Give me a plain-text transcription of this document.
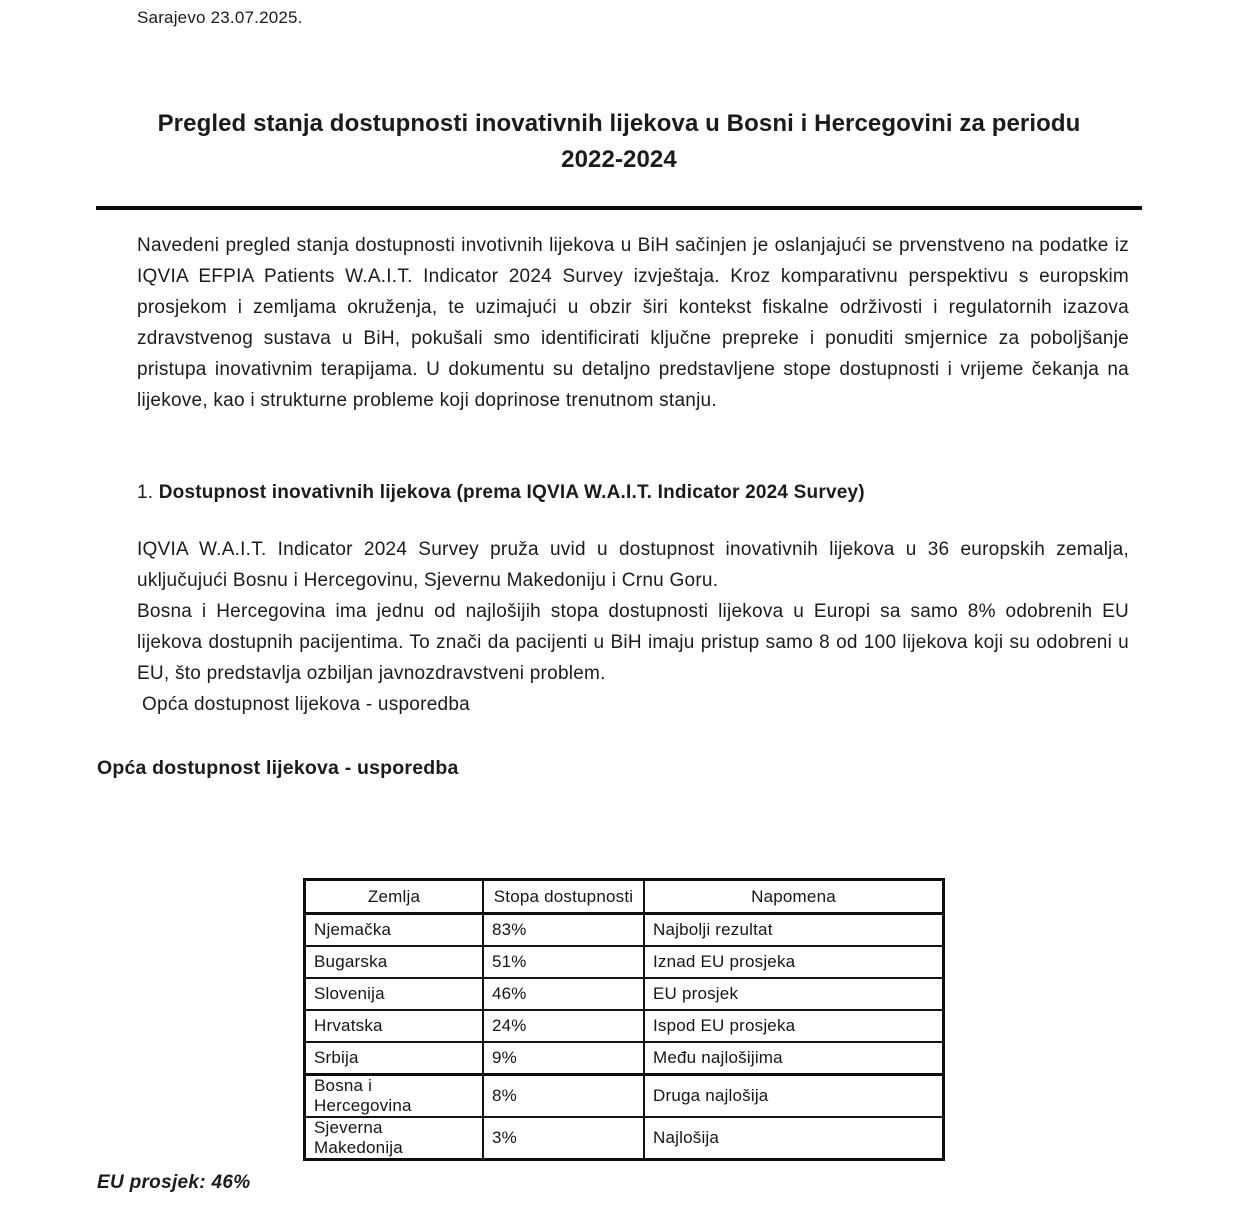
Sarajevo 23.07.2025.
Pregled stanja dostupnosti inovativnih lijekova u Bosni i Hercegovini za periodu
2022-2024

Navedeni pregled stanja dostupnosti invotivnih lijekova u BiH sačinjen je oslanjajući se prvenstveno na podatke iz IQVIA EFPIA Patients W.A.I.T. Indicator 2024 Survey izvještaja. Kroz komparativnu perspektivu s europskim prosjekom i zemljama okruženja, te uzimajući u obzir širi kontekst fiskalne održivosti i regulatornih izazova zdravstvenog sustava u BiH, pokušali smo identificirati ključne prepreke i ponuditi smjernice za poboljšanje pristupa inovativnim terapijama. U dokumentu su detaljno predstavljene stope dostupnosti i vrijeme čekanja na lijekove, kao i strukturne probleme koji doprinose trenutnom stanju.

1. Dostupnost inovativnih lijekova (prema IQVIA W.A.I.T. Indicator 2024 Survey)

IQVIA W.A.I.T. Indicator 2024 Survey pruža uvid u dostupnost inovativnih lijekova u 36 europskih zemalja, uključujući Bosnu i Hercegovinu, Sjevernu Makedoniju i Crnu Goru.

Bosna i Hercegovina ima jednu od najlošijih stopa dostupnosti lijekova u Europi sa samo 8% odobrenih EU lijekova dostupnih pacijentima. To znači da pacijenti u BiH imaju pristup samo 8 od 100 lijekova koji su odobreni u EU, što predstavlja ozbiljan javnozdravstveni problem.

Opća dostupnost lijekova - usporedba

Opća dostupnost lijekova - usporedba
Zemlja	Stopa dostupnosti	Napomena
Njemačka	83%	Najbolji rezultat
Bugarska	51%	Iznad EU prosjeka
Slovenija	46%	EU prosjek
Hrvatska	24%	Ispod EU prosjeka
Srbija	9%	Među najlošijima
Bosna i Hercegovina	8%	Druga najlošija
Sjeverna Makedonija	3%	Najlošija

EU prosjek: 46%
